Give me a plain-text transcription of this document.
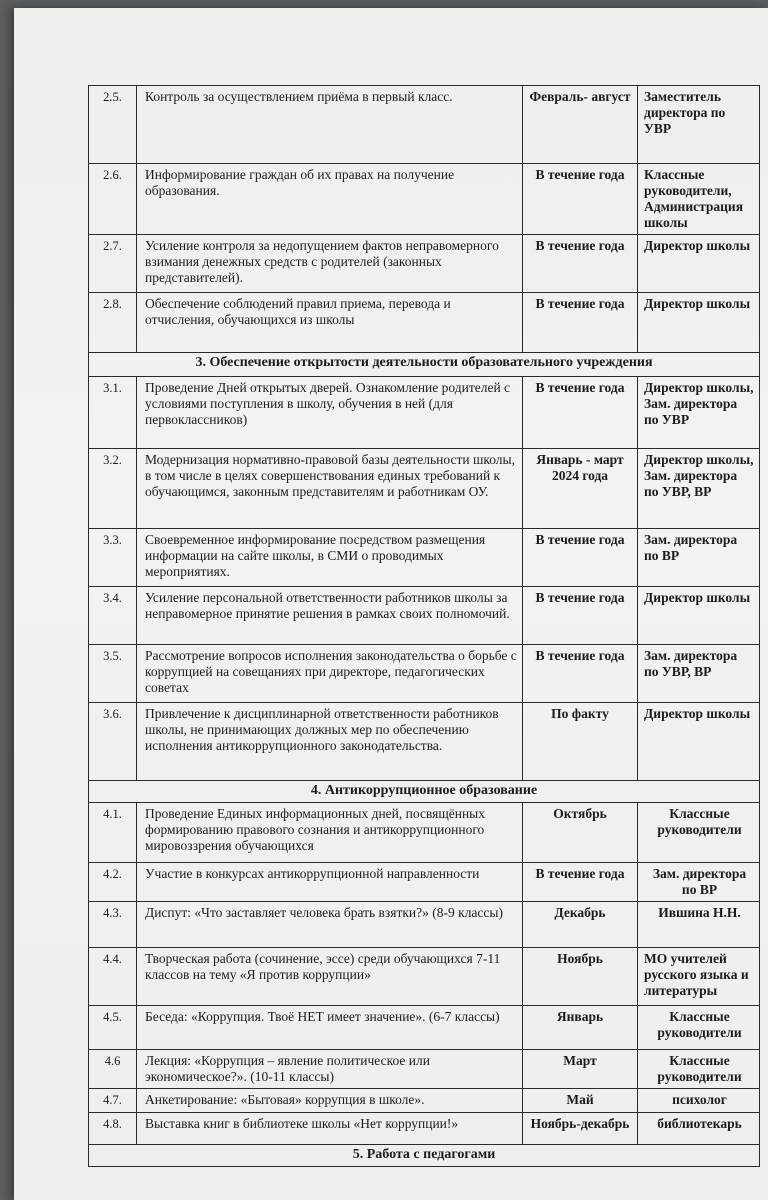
2.5.	Контроль за осуществлением приёма в первый класс.	Февраль- август	Заместитель директора по УВР
2.6.	Информирование граждан об их правах на получение образования.	В течение года	Классные руководители, Администрация школы
2.7.	Усиление контроля за недопущением фактов неправомерного взимания денежных средств с родителей (законных представителей).	В течение года	Директор школы
2.8.	Обеспечение соблюдений правил приема, перевода и отчисления, обучающихся из школы	В течение года	Директор школы
3. Обеспечение открытости деятельности образовательного учреждения			
3.1.	Проведение Дней открытых дверей. Ознакомление родителей с условиями поступления в школу, обучения в ней (для первоклассников)	В течение года	Директор школы, Зам. директора по УВР
3.2.	Модернизация нормативно-правовой базы деятельности школы, в том числе в целях совершенствования единых требований к обучающимся, законным представителям и работникам ОУ.	Январь - март 2024 года	Директор школы, Зам. директора по УВР, ВР
3.3.	Своевременное информирование посредством размещения информации на сайте школы, в СМИ о проводимых мероприятиях.	В течение года	Зам. директора по ВР
3.4.	Усиление персональной ответственности работников школы за неправомерное принятие решения в рамках своих полномочий.	В течение года	Директор школы
3.5.	Рассмотрение вопросов исполнения законодательства о борьбе с коррупцией на совещаниях при директоре, педагогических советах	В течение года	Зам. директора по УВР, ВР
3.6.	Привлечение к дисциплинарной ответственности работников школы, не принимающих должных мер по обеспечению исполнения антикоррупционного законодательства.	По факту	Директор школы
4. Антикоррупционное образование			
4.1.	Проведение Единых информационных дней, посвящённых формированию правового сознания и антикоррупционного мировоззрения обучающихся	Октябрь	Классные руководители
4.2.	Участие в конкурсах антикоррупционной направленности	В течение года	Зам. директора по ВР
4.3.	Диспут: «Что заставляет человека брать взятки?» (8-9 классы)	Декабрь	Ившина Н.Н.
4.4.	Творческая работа (сочинение, эссе) среди обучающихся 7-11 классов на тему «Я против коррупции»	Ноябрь	МО учителей русского языка и литературы
4.5.	Беседа: «Коррупция. Твоё НЕТ имеет значение». (6-7 классы)	Январь	Классные руководители
4.6	Лекция: «Коррупция – явление политическое или экономическое?». (10-11 классы)	Март	Классные руководители
4.7.	Анкетирование: «Бытовая» коррупция в школе».	Май	психолог
4.8.	Выставка книг в библиотеке школы «Нет коррупции!»	Ноябрь-декабрь	библиотекарь
5. Работа с педагогами			
